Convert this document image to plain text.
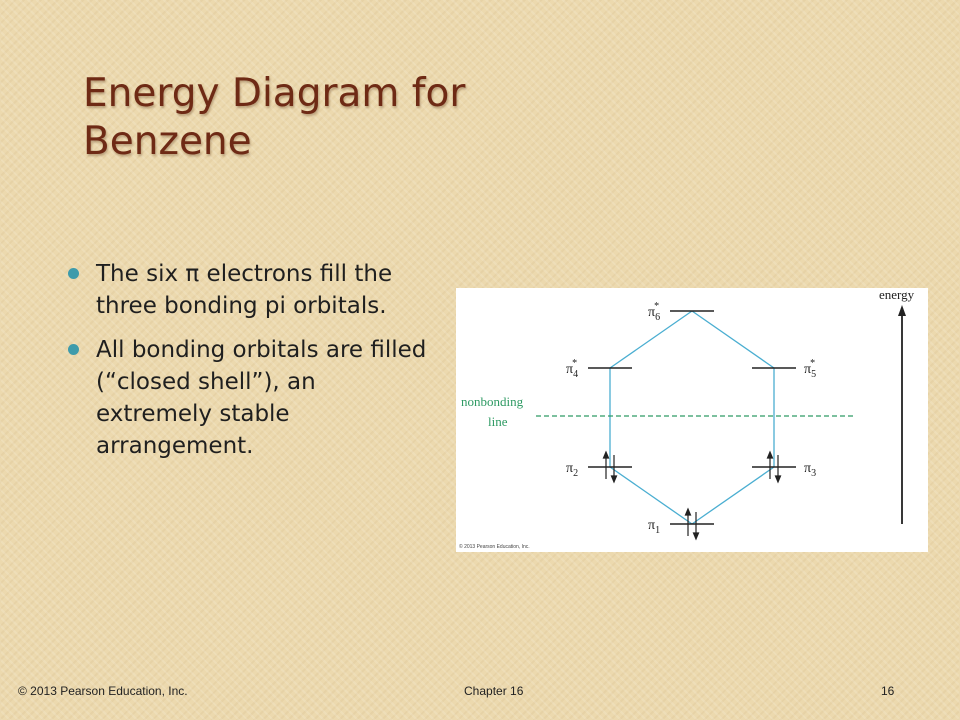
Energy Diagram for
Benzene
The six π electrons fill the three bonding pi orbitals.
All bonding orbitals are filled (“closed shell”), an extremely stable arrangement.
nonbonding
line
$\pi_6*$
$\pi_4*$	$\pi_5*$
$\pi_2$	$\pi_3$
$\pi_1$
energy
© 2013 Pearson Education, Inc.
© 2013 Pearson Education, Inc.	Chapter 16	16
